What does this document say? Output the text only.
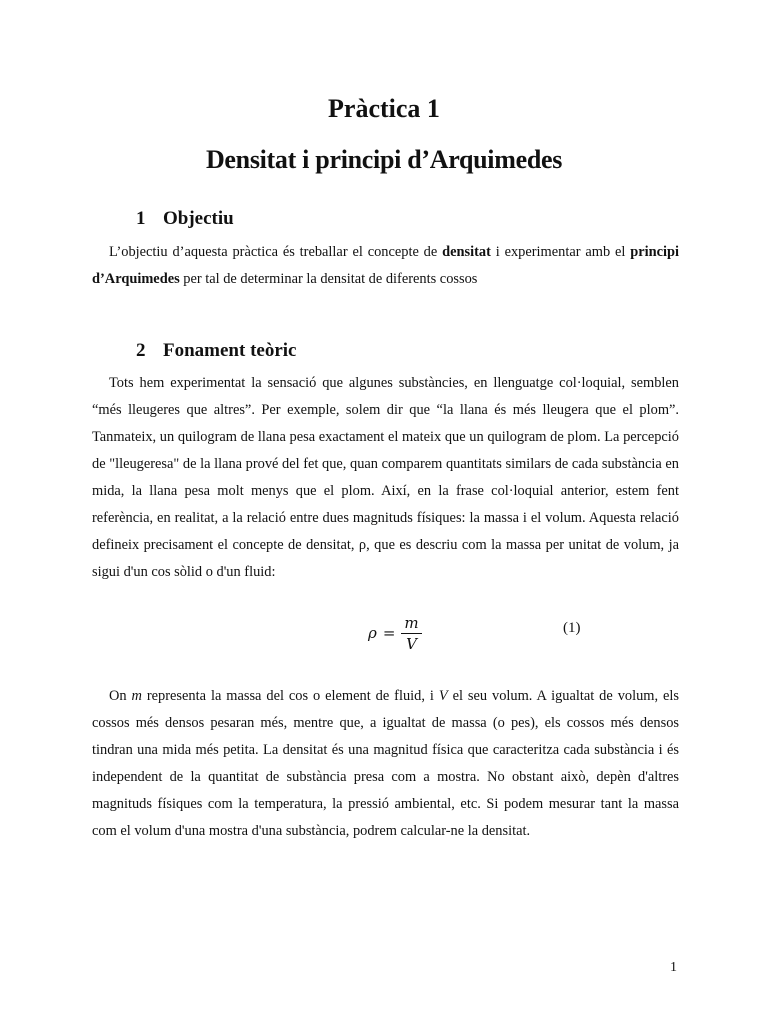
Pràctica 1
Densitat i principi d’Arquimedes
1 Objectiu

L’objectiu d’aquesta pràctica és treballar el concepte de densitat i experimentar amb el principi d’Arquimedes per tal de determinar la densitat de diferents cossos

2 Fonament teòric

Tots hem experimentat la sensació que algunes substàncies, en llenguatge col·loquial, semblen “més lleugeres que altres”. Per exemple, solem dir que “la llana és més lleugera que el plom”. Tanmateix, un quilogram de llana pesa exactament el mateix que un quilogram de plom. La percepció de "lleugeresa" de la llana prové del fet que, quan comparem quantitats similars de cada substància en mida, la llana pesa molt menys que el plom. Així, en la frase col·loquial anterior, estem fent referència, en realitat, a la relació entre dues magnituds físiques: la massa i el volum. Aquesta relació defineix precisament el concepte de densitat, ρ, que es descriu com la massa per unitat de volum, ja sigui d'un cos sòlid o d'un fluid:

$\rho = \frac{m}{V}$	(1)

On m representa la massa del cos o element de fluid, i V el seu volum. A igualtat de volum, els cossos més densos pesaran més, mentre que, a igualtat de massa (o pes), els cossos més densos tindran una mida més petita. La densitat és una magnitud física que caracteritza cada substància i és independent de la quantitat de substància presa com a mostra. No obstant això, depèn d'altres magnituds físiques com la temperatura, la pressió ambiental, etc. Si podem mesurar tant la massa com el volum d'una mostra d'una substància, podrem calcular-ne la densitat.

1
